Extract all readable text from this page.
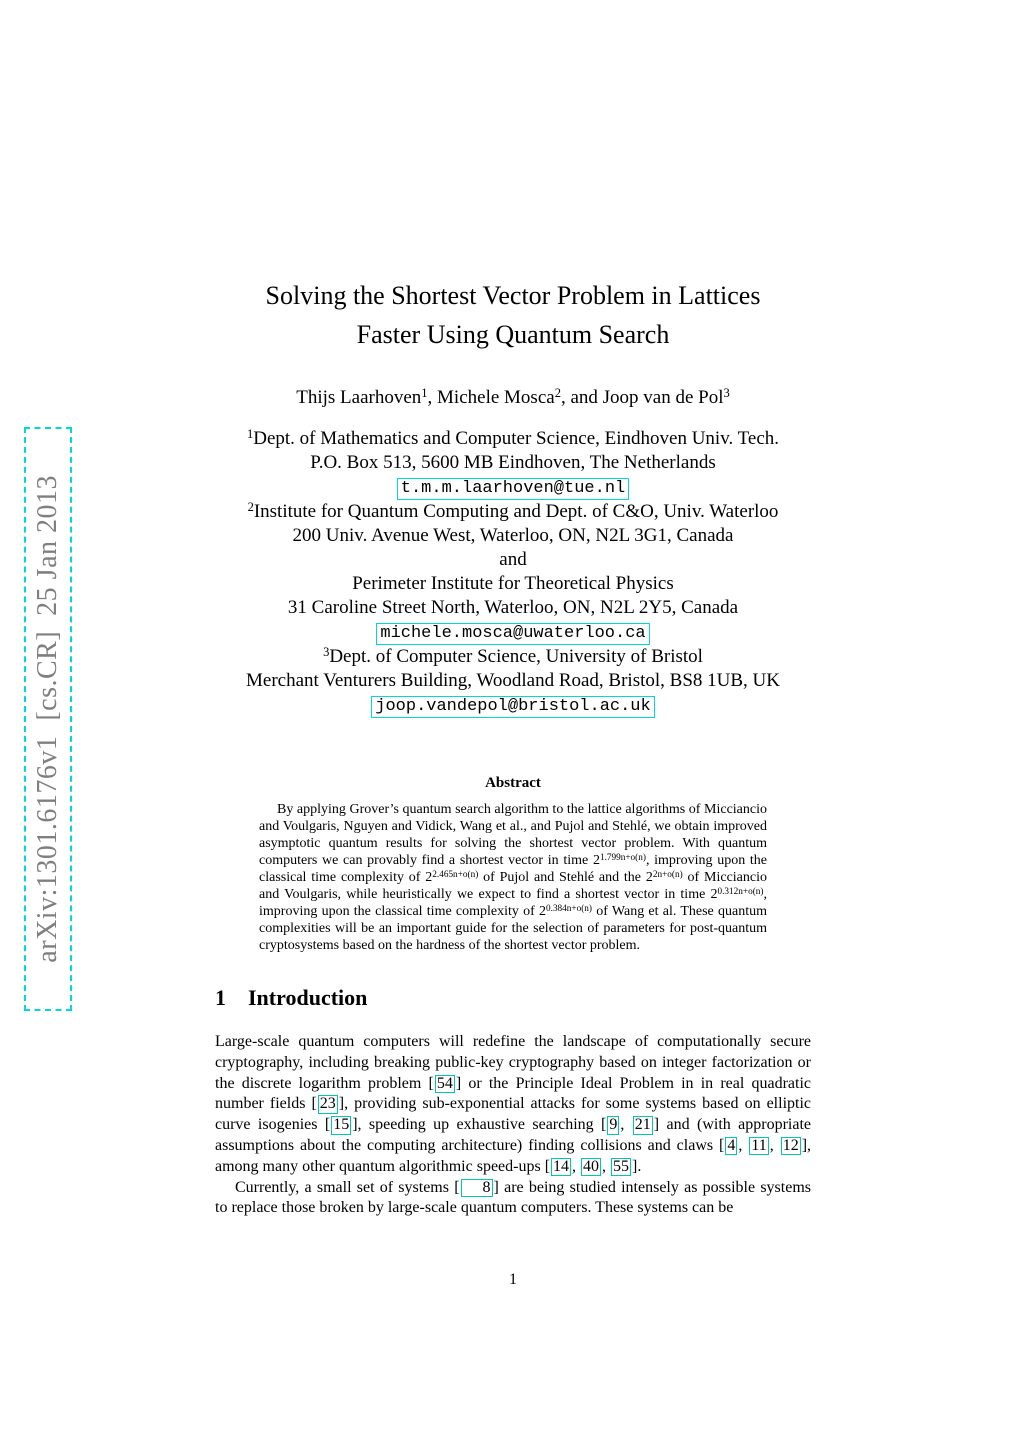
arXiv:1301.6176v1  [cs.CR]  25 Jan 2013
Solving the Shortest Vector Problem in Lattices
Faster Using Quantum Search
Thijs Laarhoven$^1$, Michele Mosca$^2$, and Joop van de Pol$^3$
$^1$Dept. of Mathematics and Computer Science, Eindhoven Univ. Tech.
P.O. Box 513, 5600 MB Eindhoven, The Netherlands
t.m.m.laarhoven@tue.nl
$^2$Institute for Quantum Computing and Dept. of C&O, Univ. Waterloo
200 Univ. Avenue West, Waterloo, ON, N2L 3G1, Canada
and
Perimeter Institute for Theoretical Physics
31 Caroline Street North, Waterloo, ON, N2L 2Y5, Canada
michele.mosca@uwaterloo.ca
$^3$Dept. of Computer Science, University of Bristol
Merchant Venturers Building, Woodland Road, Bristol, BS8 1UB, UK
joop.vandepol@bristol.ac.uk
Abstract

By applying Grover’s quantum search algorithm to the lattice algorithms of Micciancio and Voulgaris, Nguyen and Vidick, Wang et al., and Pujol and Stehlé, we obtain improved asymptotic quantum results for solving the shortest vector problem. With quantum computers we can provably find a shortest vector in time $2^{1.799n+o(n)}$, improving upon the classical time complexity of $2^{2.465n+o(n)}$ of Pujol and Stehlé and the $2^{2n+o(n)}$ of Micciancio and Voulgaris, while heuristically we expect to find a shortest vector in time $2^{0.312n+o(n)}$, improving upon the classical time complexity of $2^{0.384n+o(n)}$ of Wang et al. These quantum complexities will be an important guide for the selection of parameters for post-quantum cryptosystems based on the hardness of the shortest vector problem.

1 Introduction

Large-scale quantum computers will redefine the landscape of computationally secure cryptography, including breaking public-key cryptography based on integer factorization or the discrete logarithm problem [ 54 ] or the Principle Ideal Problem in in real quadratic number fields [ 23 ], providing sub-exponential attacks for some systems based on elliptic curve isogenies [ 15 ], speeding up exhaustive searching [ 9 , 21 ] and (with appropriate assumptions about the computing architecture) finding collisions and claws [ 4 , 11 , 12 ], among many other quantum algorithmic speed-ups [ 14 , 40 , 55 ].

Currently, a small set of systems [ 8 ] are being studied intensely as possible systems to replace those broken by large-scale quantum computers. These systems can be

1
